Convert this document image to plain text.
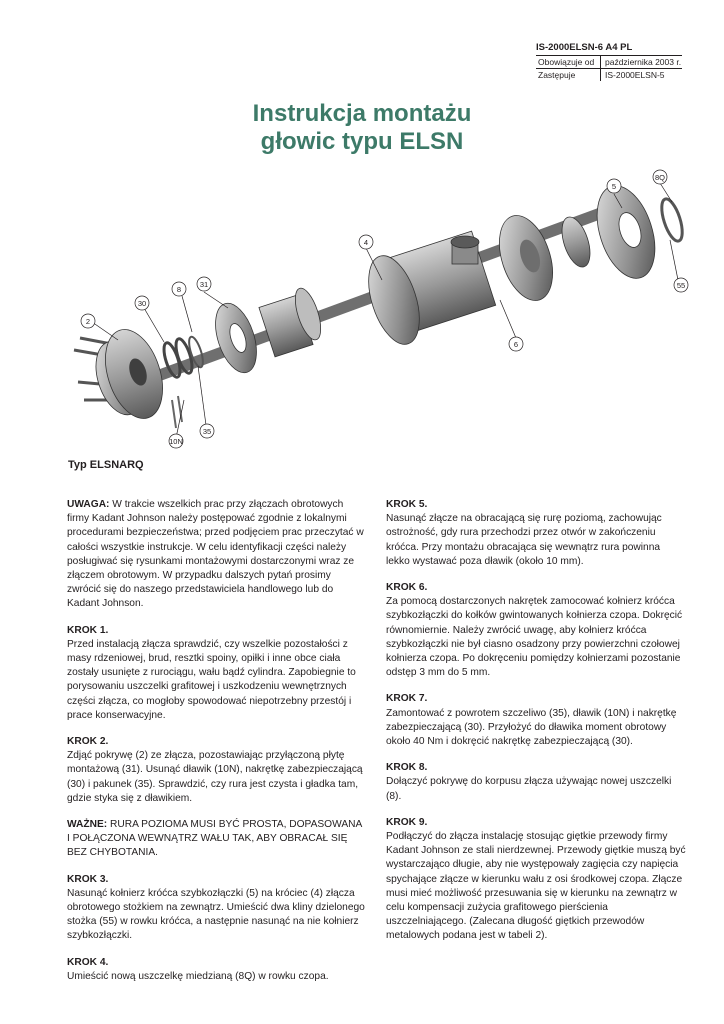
IS-2000ELSN-6 A4 PL
Obowiązuje od	października 2003 r.
Zastępuje	IS-2000ELSN-5
Instrukcja montażu
głowic typu ELSN
8Q
5
4
55
31
8
30
2
6
35
10N
Typ ELSNARQ

UWAGA: W trakcie wszelkich prac przy złączach obrotowych firmy Kadant Johnson należy postępować zgodnie z lokalnymi procedurami bezpieczeństwa; przed podjęciem prac przeczytać w całości wszystkie instrukcje. W celu identyfikacji części należy posługiwać się rysunkami montażowymi dostarczonymi wraz ze złączem obrotowym. W przypadku dalszych pytań prosimy zwrócić się do naszego przedstawiciela handlowego lub do Kadant Johnson.

KROK 1.

Przed instalacją złącza sprawdzić, czy wszelkie pozostałości z masy rdzeniowej, brud, resztki spoiny, opiłki i inne obce ciała zostały usunięte z rurociągu, wału bądź cylindra. Zapobiegnie to porysowaniu uszczelki grafitowej i uszkodzeniu wewnętrznych części złącza, co mogłoby spowodować niepotrzebny przestój i prace konserwacyjne.

KROK 2.

Zdjąć pokrywę (2) ze złącza, pozostawiając przyłączoną płytę montażową (31). Usunąć dławik (10N), nakrętkę zabezpieczającą (30) i pakunek (35). Sprawdzić, czy rura jest czysta i gładka tam, gdzie styka się z dławikiem.

WAŻNE: RURA POZIOMA MUSI BYĆ PROSTA, DOPASOWANA I POŁĄCZONA WEWNĄTRZ WAŁU TAK, ABY OBRACAŁ SIĘ BEZ CHYBOTANIA.

KROK 3.

Nasunąć kołnierz króćca szybkozłączki (5) na króciec (4) złącza obrotowego stożkiem na zewnątrz. Umieścić dwa kliny dzielonego stożka (55) w rowku króćca, a następnie nasunąć na nie kołnierz szybkozłączki.

KROK 4.

Umieścić nową uszczelkę miedzianą (8Q) w rowku czopa.

KROK 5.

Nasunąć złącze na obracającą się rurę poziomą, zachowując ostrożność, gdy rura przechodzi przez otwór w zakończeniu króćca. Przy montażu obracająca się wewnątrz rura powinna lekko wystawać poza dławik (około 10 mm).

KROK 6.

Za pomocą dostarczonych nakrętek zamocować kołnierz króćca szybkozłączki do kołków gwintowanych kołnierza czopa. Dokręcić równomiernie. Należy zwrócić uwagę, aby kołnierz króćca szybkozłączki nie był ciasno osadzony przy powierzchni czołowej kołnierza czopa. Po dokręceniu pomiędzy kołnierzami pozostanie odstęp 3 mm do 5 mm.

KROK 7.

Zamontować z powrotem szczeliwo (35), dławik (10N) i nakrętkę zabezpieczającą (30). Przyłożyć do dławika moment obrotowy około 40 Nm i dokręcić nakrętkę zabezpieczającą (30).

KROK 8.

Dołączyć pokrywę do korpusu złącza używając nowej uszczelki (8).

KROK 9.

Podłączyć do złącza instalację stosując giętkie przewody firmy Kadant Johnson ze stali nierdzewnej. Przewody giętkie muszą być wystarczająco długie, aby nie występowały zagięcia czy napięcia spychające złącze w kierunku wału z osi środkowej czopa. Złącze musi mieć możliwość przesuwania się w kierunku na zewnątrz w celu kompensacji zużycia grafitowego pierścienia uszczelniającego. (Zalecana długość giętkich przewodów metalowych podana jest w tabeli 2).
